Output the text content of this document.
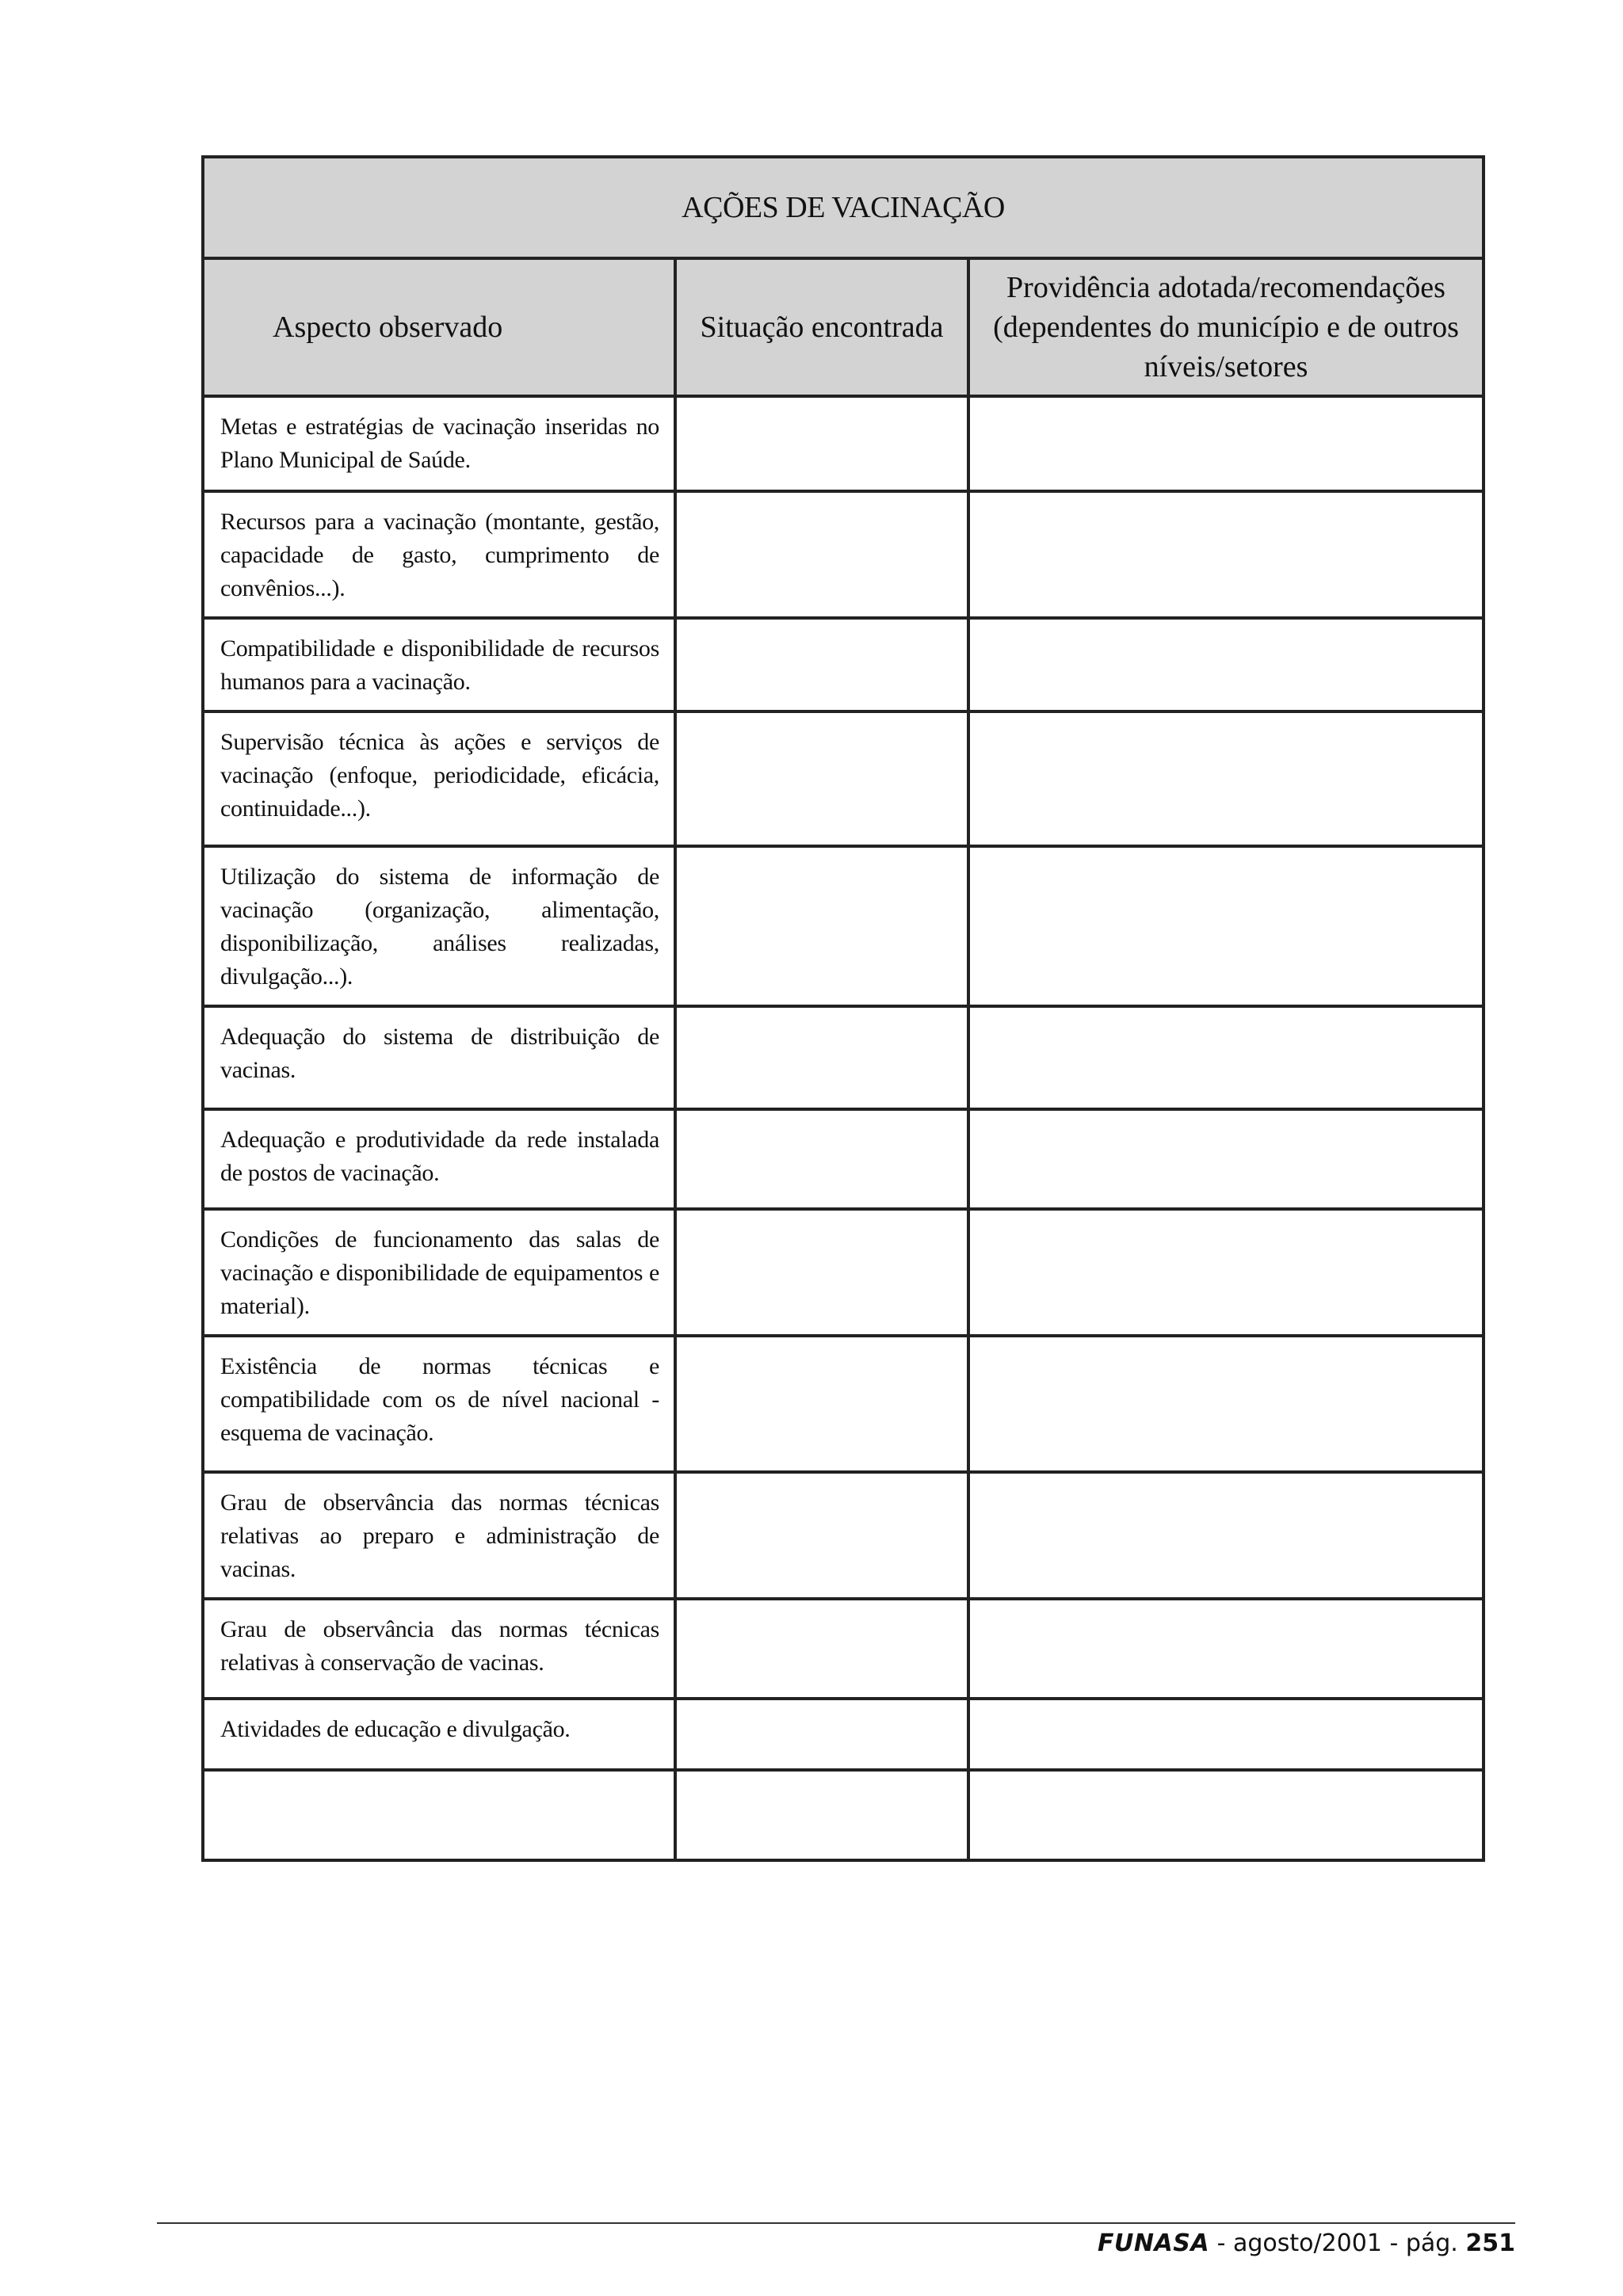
AÇÕES DE VACINAÇÃO		
Aspecto observado	Situação encontrada	Providência adotada/recomendações (dependentes do município e de outros níveis/setores
Metas e estratégias de vacinação inseridas no Plano Municipal de Saúde.		
Recursos para a vacinação (montante, gestão, capacidade de gasto, cumprimento de convênios...).		
Compatibilidade e disponibilidade de recursos humanos para a vacinação.		
Supervisão técnica às ações e serviços de vacinação (enfoque, periodicidade, eficácia, continuidade...).		
Utilização do sistema de informação de vacinação (organização, alimentação, disponibilização, análises realizadas, divulgação...).		
Adequação do sistema de distribuição de vacinas.		
Adequação e produtividade da rede instalada de postos de vacinação.		
Condições de funcionamento das salas de vacinação e disponibilidade de equipamentos e material).		
Existência de normas técnicas e compatibilidade com os de nível nacional - esquema de vacinação.		
Grau de observância das normas técnicas relativas ao preparo e administração de vacinas.		
Grau de observância das normas técnicas relativas à conservação de vacinas.		
Atividades de educação e divulgação.		

FUNASA - agosto/2001 - pág. 251
